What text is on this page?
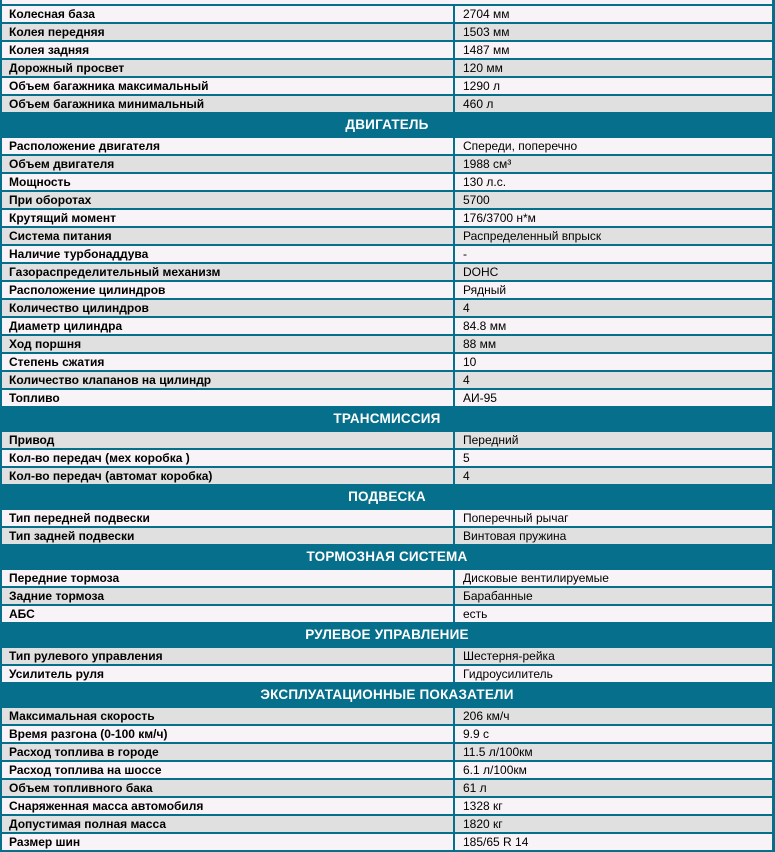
Колесная база	2704 мм
Колея передняя	1503 мм
Колея задняя	1487 мм
Дорожный просвет	120 мм
Объем багажника максимальный	1290 л
Объем багажника минимальный	460 л
ДВИГАТЕЛЬ
Расположение двигателя	Спереди, поперечно
Объем двигателя	1988 см³
Мощность	130 л.с.
При оборотах	5700
Крутящий момент	176/3700 н*м
Система питания	Распределенный впрыск
Наличие турбонаддува	-
Газораспределительный механизм	DOHC
Расположение цилиндров	Рядный
Количество цилиндров	4
Диаметр цилиндра	84.8 мм
Ход поршня	88 мм
Степень сжатия	10
Количество клапанов на цилиндр	4
Топливо	АИ-95
ТРАНСМИССИЯ
Привод	Передний
Кол-во передач (мех коробка )	5
Кол-во передач (автомат коробка)	4
ПОДВЕСКА
Тип передней подвески	Поперечный рычаг
Тип задней подвески	Винтовая пружина
ТОРМОЗНАЯ СИСТЕМА
Передние тормоза	Дисковые вентилируемые
Задние тормоза	Барабанные
АБС	есть
РУЛЕВОЕ УПРАВЛЕНИЕ
Тип рулевого управления	Шестерня-рейка
Усилитель руля	Гидроусилитель
ЭКСПЛУАТАЦИОННЫЕ ПОКАЗАТЕЛИ
Максимальная скорость	206 км/ч
Время разгона (0-100 км/ч)	9.9 с
Расход топлива в городе	11.5 л/100км
Расход топлива на шоссе	6.1 л/100км
Объем топливного бака	61 л
Снаряженная масса автомобиля	1328 кг
Допустимая полная масса	1820 кг
Размер шин	185/65 R 14
